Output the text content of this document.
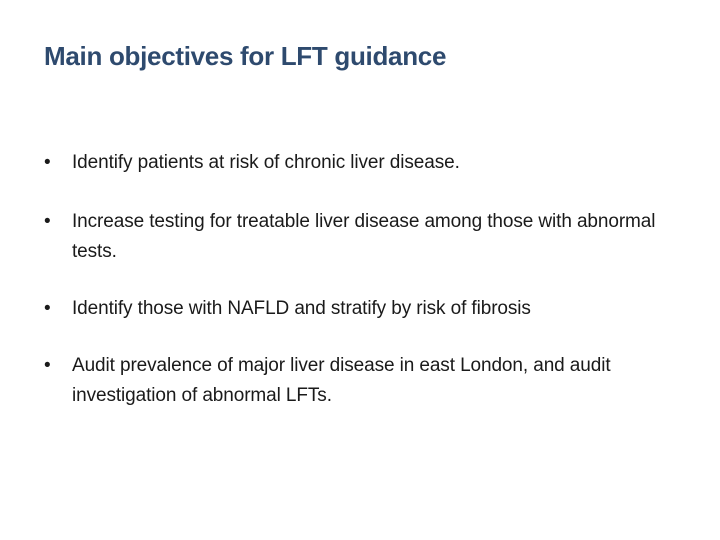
Main objectives for LFT guidance
•	Identify patients at risk of chronic liver disease.
•	Increase testing for treatable liver disease among those with abnormal tests.
•	Identify those with NAFLD and stratify by risk of fibrosis
•	Audit prevalence of major liver disease in east London, and audit investigation of abnormal LFTs.
